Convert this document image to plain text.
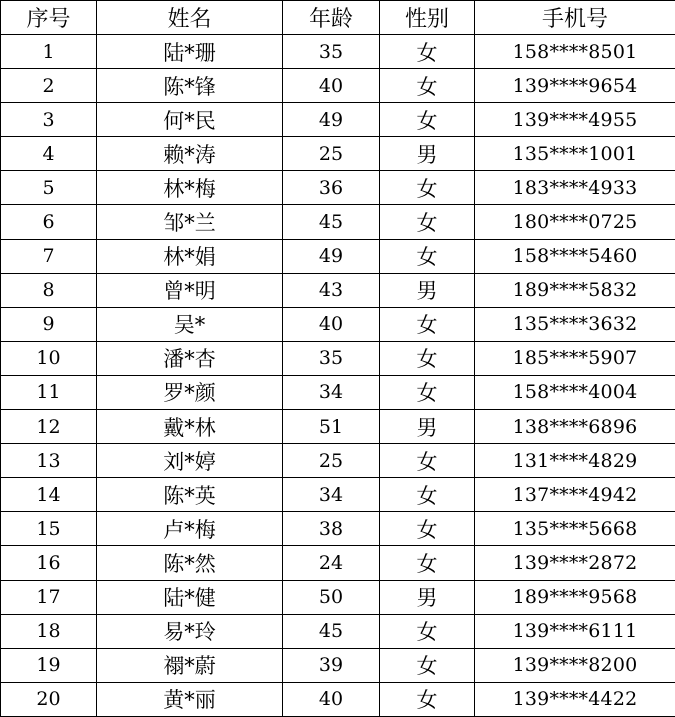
序号	姓名	年龄	性别	手机号
1	陆*珊	35	女	158****8501
2	陈*锋	40	女	139****9654
3	何*民	49	女	139****4955
4	赖*涛	25	男	135****1001
5	林*梅	36	女	183****4933
6	邹*兰	45	女	180****0725
7	林*娟	49	女	158****5460
8	曾*明	43	男	189****5832
9	吴*	40	女	135****3632
10	潘*杏	35	女	185****5907
11	罗*颜	34	女	158****4004
12	戴*林	51	男	138****6896
13	刘*婷	25	女	131****4829
14	陈*英	34	女	137****4942
15	卢*梅	38	女	135****5668
16	陈*然	24	女	139****2872
17	陆*健	50	男	189****9568
18	易*玲	45	女	139****6111
19	禤*蔚	39	女	139****8200
20	黄*丽	40	女	139****4422
